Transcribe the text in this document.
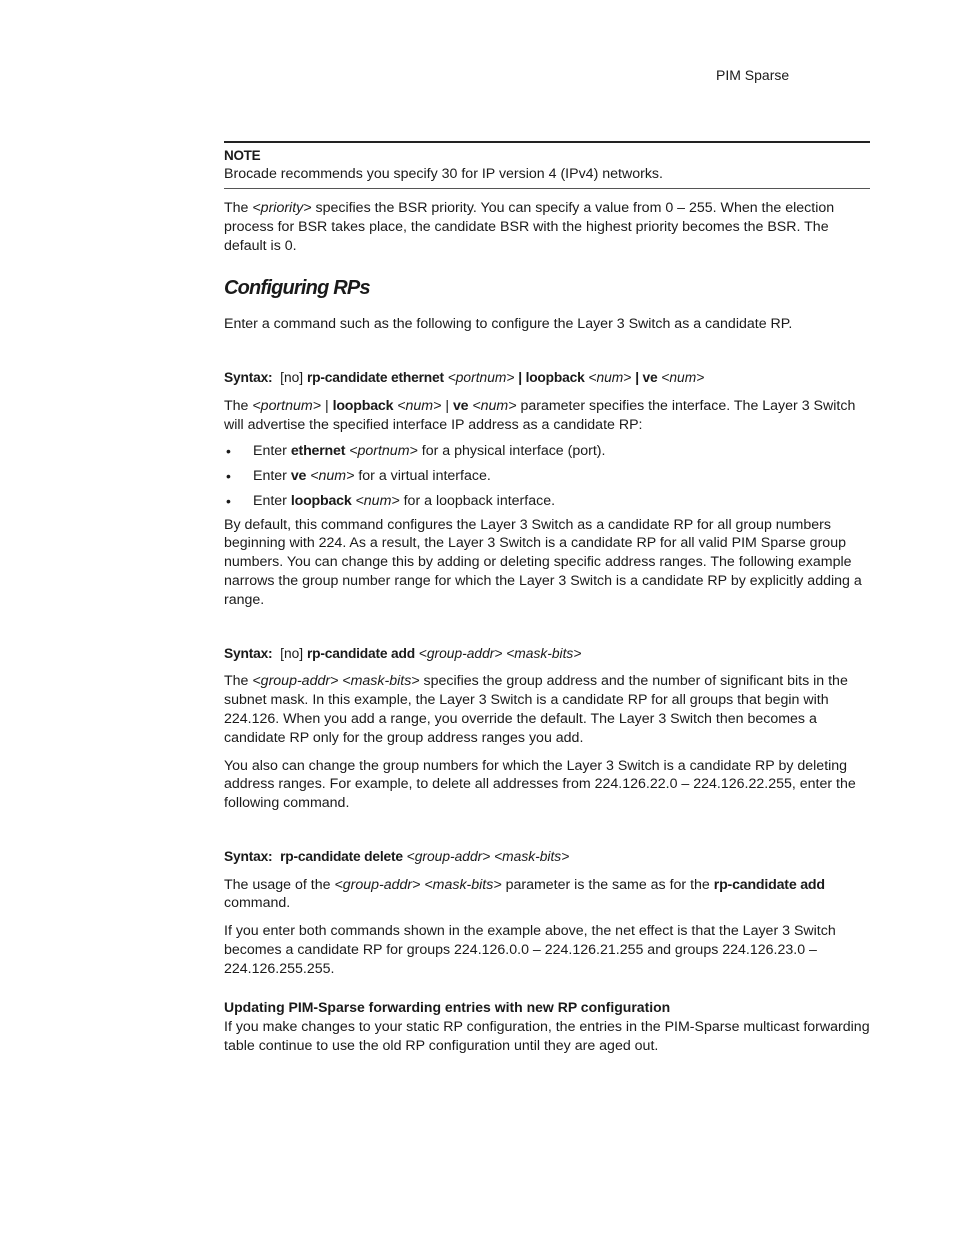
PIM Sparse
NOTE
Brocade recommends you specify 30 for IP version 4 (IPv4) networks.

The <priority> specifies the BSR priority. You can specify a value from 0 – 255. When the election process for BSR takes place, the candidate BSR with the highest priority becomes the BSR. The default is 0.

Configuring RPs

Enter a command such as the following to configure the Layer 3 Switch as a candidate RP.

Syntax: [no] rp-candidate ethernet <portnum> | loopback <num> | ve <num>

The <portnum> | loopback <num> | ve <num> parameter specifies the interface. The Layer 3 Switch will advertise the specified interface IP address as a candidate RP:

• Enter ethernet <portnum> for a physical interface (port).
• Enter ve <num> for a virtual interface.
• Enter loopback <num> for a loopback interface.

By default, this command configures the Layer 3 Switch as a candidate RP for all group numbers beginning with 224. As a result, the Layer 3 Switch is a candidate RP for all valid PIM Sparse group numbers. You can change this by adding or deleting specific address ranges. The following example narrows the group number range for which the Layer 3 Switch is a candidate RP by explicitly adding a range.

Syntax: [no] rp-candidate add <group-addr> <mask-bits>

The <group-addr> <mask-bits> specifies the group address and the number of significant bits in the subnet mask. In this example, the Layer 3 Switch is a candidate RP for all groups that begin with 224.126. When you add a range, you override the default. The Layer 3 Switch then becomes a candidate RP only for the group address ranges you add.

You also can change the group numbers for which the Layer 3 Switch is a candidate RP by deleting address ranges. For example, to delete all addresses from 224.126.22.0 – 224.126.22.255, enter the following command.

Syntax: rp-candidate delete <group-addr> <mask-bits>

The usage of the <group-addr> <mask-bits> parameter is the same as for the rp-candidate add command.

If you enter both commands shown in the example above, the net effect is that the Layer 3 Switch becomes a candidate RP for groups 224.126.0.0 – 224.126.21.255 and groups 224.126.23.0 – 224.126.255.255.

Updating PIM-Sparse forwarding entries with new RP configuration

If you make changes to your static RP configuration, the entries in the PIM-Sparse multicast forwarding table continue to use the old RP configuration until they are aged out.
